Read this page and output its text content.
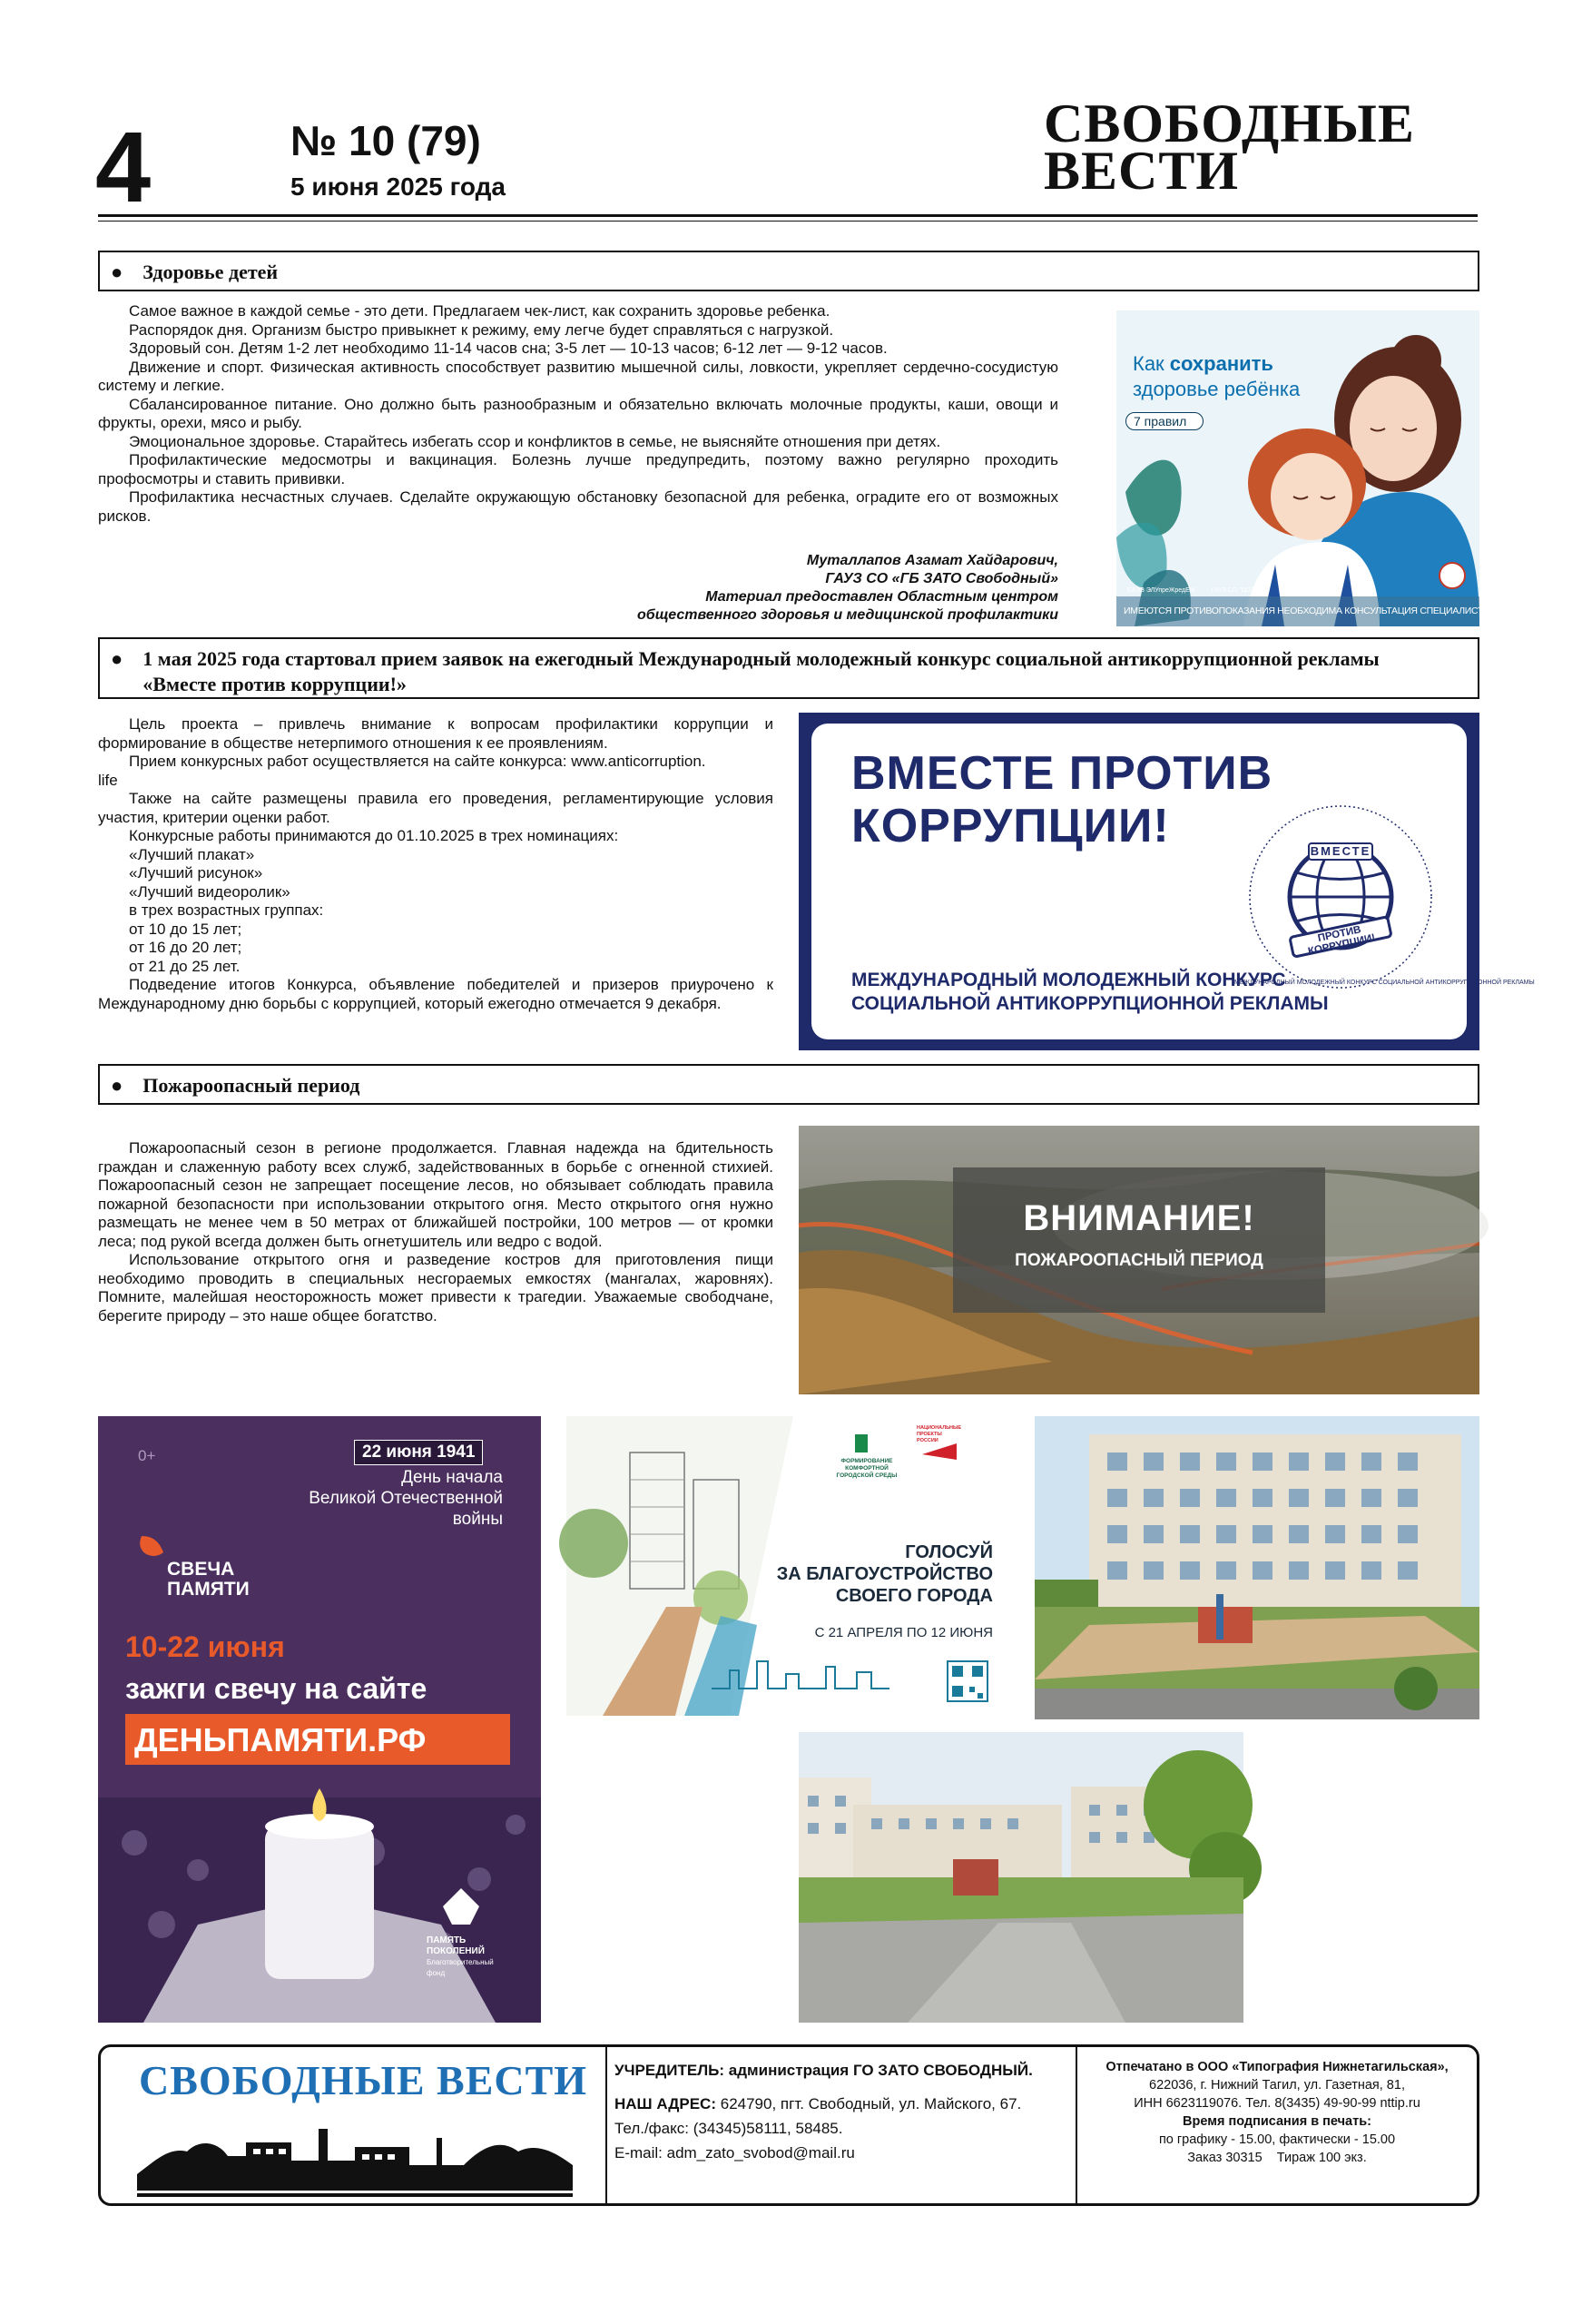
4	№ 10 (79)
5 июня 2025 года
СВОБОДНЫЕ
ВЕСТИ
● Здоровье детей

Самое важное в каждой семье - это дети. Предлагаем чек-лист, как сохранить здоровье ребенка.

Распорядок дня. Организм быстро привыкнет к режиму, ему легче будет справляться с нагрузкой.

Здоровый сон. Детям 1-2 лет необходимо 11-14 часов сна; 3-5 лет — 10-13 часов; 6-12 лет — 9-12 часов.

Движение и спорт. Физическая активность способствует развитию мышечной силы, ловкости, укрепляет сердечно-сосудистую систему и легкие.

Сбалансированное питание. Оно должно быть разнообразным и обязательно включать молочные продукты, каши, овощи и фрукты, орехи, мясо и рыбу.

Эмоциональное здоровье. Старайтесь избегать ссор и конфликтов в семье, не выясняйте отношения при детях.

Профилактические медосмотры и вакцинация. Болезнь лучше предупредить, поэтому важно регулярно проходить профосмотры и ставить прививки.

Профилактика несчастных случаев. Сделайте окружающую обстановку безопасной для ребенка, оградите его от возможных рисков.

Муталлапов Азамат Хайдарович,
ГАУЗ СО «ГБ ЗАТО Свободный»
Материал предоставлен Областным центром
общественного здоровья и медицинской профилактики
Как сохранить
здоровье ребёнка
7 правил
ЕАЭВ ЭЛУпреЖредЕМ	ГАУЗ СО "ЦОЗМП"	ИНН 6658512018
ИМЕЮТСЯ ПРОТИВОПОКАЗАНИЯ НЕОБХОДИМА КОНСУЛЬТАЦИЯ СПЕЦИАЛИСТА
● 1 мая 2025 года стартовал прием заявок на ежегодный Международный молодежный конкурс социальной антикоррупционной рекламы
«Вместе против коррупции!»

Цель проекта – привлечь внимание к вопросам профилактики коррупции и формирование в обществе нетерпимого отношения к ее проявлениям.

Прием конкурсных работ осуществляется на сайте конкурса: www.anticorruption.

life

Также на сайте размещены правила его проведения, регламентирующие условия участия, критерии оценки работ.

Конкурсные работы принимаются до 01.10.2025 в трех номинациях:

«Лучший плакат»

«Лучший рисунок»

«Лучший видеоролик»

в трех возрастных группах:

от 10 до 15 лет;

от 16 до 20 лет;

от 21 до 25 лет.

Подведение итогов Конкурса, объявление победителей и призеров приурочено к Международному дню борьбы с коррупцией, который ежегодно отмечается 9 декабря.

ВМЕСТЕ ПРОТИВ
КОРРУПЦИИ!	ВМЕСТЕ
ПРОТИВ КОРРУПЦИИ!
МЕЖДУНАРОДНЫЙ МОЛОДЕЖНЫЙ КОНКУРС СОЦИАЛЬНОЙ АНТИКОРРУПЦИОННОЙ РЕКЛАМЫ
МЕЖДУНАРОДНЫЙ МОЛОДЕЖНЫЙ КОНКУРС
СОЦИАЛЬНОЙ АНТИКОРРУПЦИОННОЙ РЕКЛАМЫ
● Пожароопасный период

Пожароопасный сезон в регионе продолжается. Главная надежда на бдительность граждан и слаженную работу всех служб, задействованных в борьбе с огненной стихией. Пожароопасный сезон не запрещает посещение лесов, но обязывает соблюдать правила пожарной безопасности при использовании открытого огня. Место открытого огня нужно размещать не менее чем в 50 метрах от ближайшей постройки, 100 метров — от кромки леса; под рукой всегда должен быть огнетушитель или ведро с водой.

Использование открытого огня и разведение костров для приготовления пищи необходимо проводить в специальных несгораемых емкостях (мангалах, жаровнях). Помните, малейшая неосторожность может привести к трагедии. Уважаемые свободчане, берегите природу – это наше общее богатство.

ВНИМАНИЕ!
ПОЖАРООПАСНЫЙ ПЕРИОД
0+	22 июня 1941
День начала
Великой Отечественной
войны
СВЕЧА
ПАМЯТИ
10-22 июня
зажги свечу на сайте
ДЕНЬПАМЯТИ.РФ
ПАМЯТЬ
ПОКОЛЕНИЙ
Благотворительный
фонд
ФОРМИРОВАНИЕ
КОМФОРТНОЙ
ГОРОДСКОЙ СРЕДЫ
НАЦИОНАЛЬНЫЕ
ПРОЕКТЫ
РОССИИ
ГОЛОСУЙ
ЗА БЛАГОУСТРОЙСТВО
СВОЕГО ГОРОДА
С 21 АПРЕЛЯ ПО 12 ИЮНЯ
СВОБОДНЫЕ ВЕСТИ УЧРЕДИТЕЛЬ: администрация ГО ЗАТО СВОБОДНЫЙ.
НАШ АДРЕС: 624790, пгт. Свободный, ул. Майского, 67.
Тел./факс: (34345)58111, 58485.
E-mail: adm_zato_svobod@mail.ru
Отпечатано в ООО «Типография Нижнетагильская»,
622036, г. Нижний Тагил, ул. Газетная, 81,
ИНН 6623119076. Тел. 8(3435) 49-90-99 nttip.ru
Время подписания в печать:
по графику - 15.00, фактически - 15.00
Заказ 30315    Тираж 100 экз.
